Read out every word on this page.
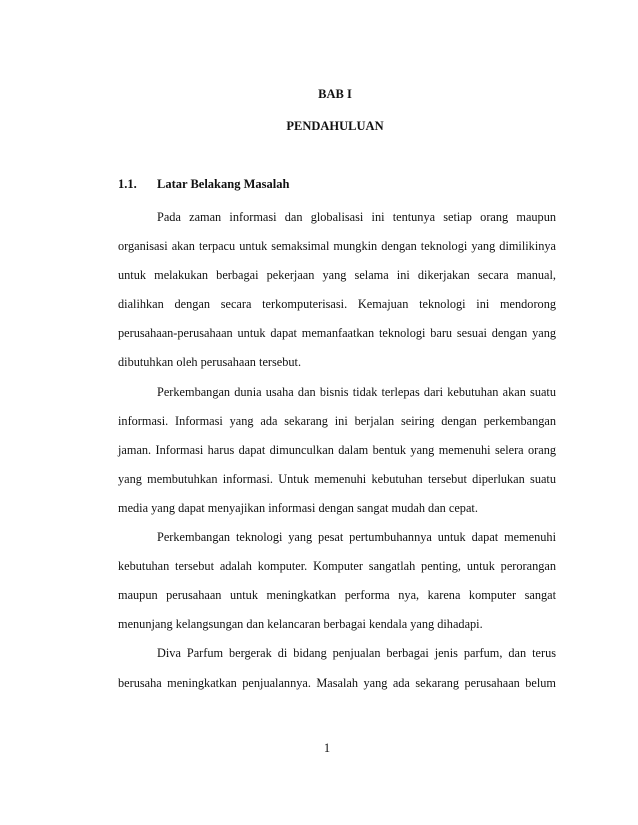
BAB I
PENDAHULUAN
1.1. Latar Belakang Masalah

Pada zaman informasi dan globalisasi ini tentunya setiap orang maupun organisasi akan terpacu untuk semaksimal mungkin dengan teknologi yang dimilikinya untuk melakukan berbagai pekerjaan yang selama ini dikerjakan secara manual, dialihkan dengan secara terkomputerisasi. Kemajuan teknologi ini mendorong perusahaan-perusahaan untuk dapat memanfaatkan teknologi baru sesuai dengan yang dibutuhkan oleh perusahaan tersebut.

Perkembangan dunia usaha dan bisnis tidak terlepas dari kebutuhan akan suatu informasi. Informasi yang ada sekarang ini berjalan seiring dengan perkembangan jaman. Informasi harus dapat dimunculkan dalam bentuk yang memenuhi selera orang yang membutuhkan informasi. Untuk memenuhi kebutuhan tersebut diperlukan suatu media yang dapat menyajikan informasi dengan sangat mudah dan cepat.

Perkembangan teknologi yang pesat pertumbuhannya untuk dapat memenuhi kebutuhan tersebut adalah komputer. Komputer sangatlah penting, untuk perorangan maupun perusahaan untuk meningkatkan performa nya, karena komputer sangat menunjang kelangsungan dan kelancaran berbagai kendala yang dihadapi.

Diva Parfum bergerak di bidang penjualan berbagai jenis parfum, dan terus berusaha meningkatkan penjualannya. Masalah yang ada sekarang perusahaan belum

1
